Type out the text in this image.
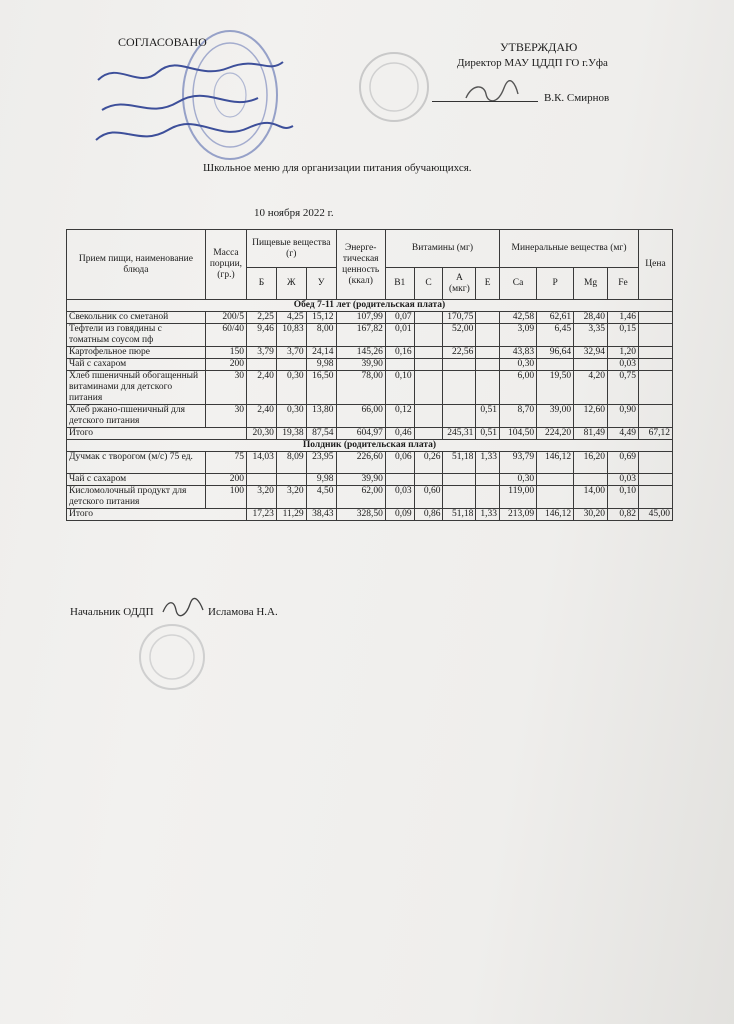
СОГЛАСОВАНО	УТВЕРЖДАЮ
Директор МАУ ЦДДП ГО г.Уфа
В.К. Смирнов
Школьное меню для организации питания обучающихся.
10 ноября 2022 г.
Прием пищи, наименование блюда	Масса порции, (гр.)	Пищевые вещества (г)			Энерге-тическая ценность (ккал)	Витамины (мг)				Минеральные вещества (мг)				Цена
		Б	Ж	У		В1	С	А (мкг)	Е	Са	Р	Mg	Fe	
Обед 7-11 лет (родительская плата)														
Свекольник со сметаной	200/5	2,25	4,25	15,12	107,99	0,07		170,75		42,58	62,61	28,40	1,46	
Тефтели из говядины с томатным соусом пф	60/40	9,46	10,83	8,00	167,82	0,01		52,00		3,09	6,45	3,35	0,15	
Картофельное пюре	150	3,79	3,70	24,14	145,26	0,16		22,56		43,83	96,64	32,94	1,20	
Чай с сахаром	200			9,98	39,90					0,30			0,03	
Хлеб пшеничный обогащенный витаминами для детского питания	30	2,40	0,30	16,50	78,00	0,10				6,00	19,50	4,20	0,75	
Хлеб ржано-пшеничный для детского питания	30	2,40	0,30	13,80	66,00	0,12			0,51	8,70	39,00	12,60	0,90	
Итого		20,30	19,38	87,54	604,97	0,46		245,31	0,51	104,50	224,20	81,49	4,49	67,12
Полдник (родительская плата)														
Дучмак с творогом (м/с) 75 ед.	75	14,03	8,09	23,95	226,60	0,06	0,26	51,18	1,33	93,79	146,12	16,20	0,69	
Чай с сахаром	200			9,98	39,90					0,30			0,03	
Кисломолочный продукт для детского питания	100	3,20	3,20	4,50	62,00	0,03	0,60			119,00		14,00	0,10	
Итого		17,23	11,29	38,43	328,50	0,09	0,86	51,18	1,33	213,09	146,12	30,20	0,82	45,00
Начальник ОДДП	Исламова Н.А.
